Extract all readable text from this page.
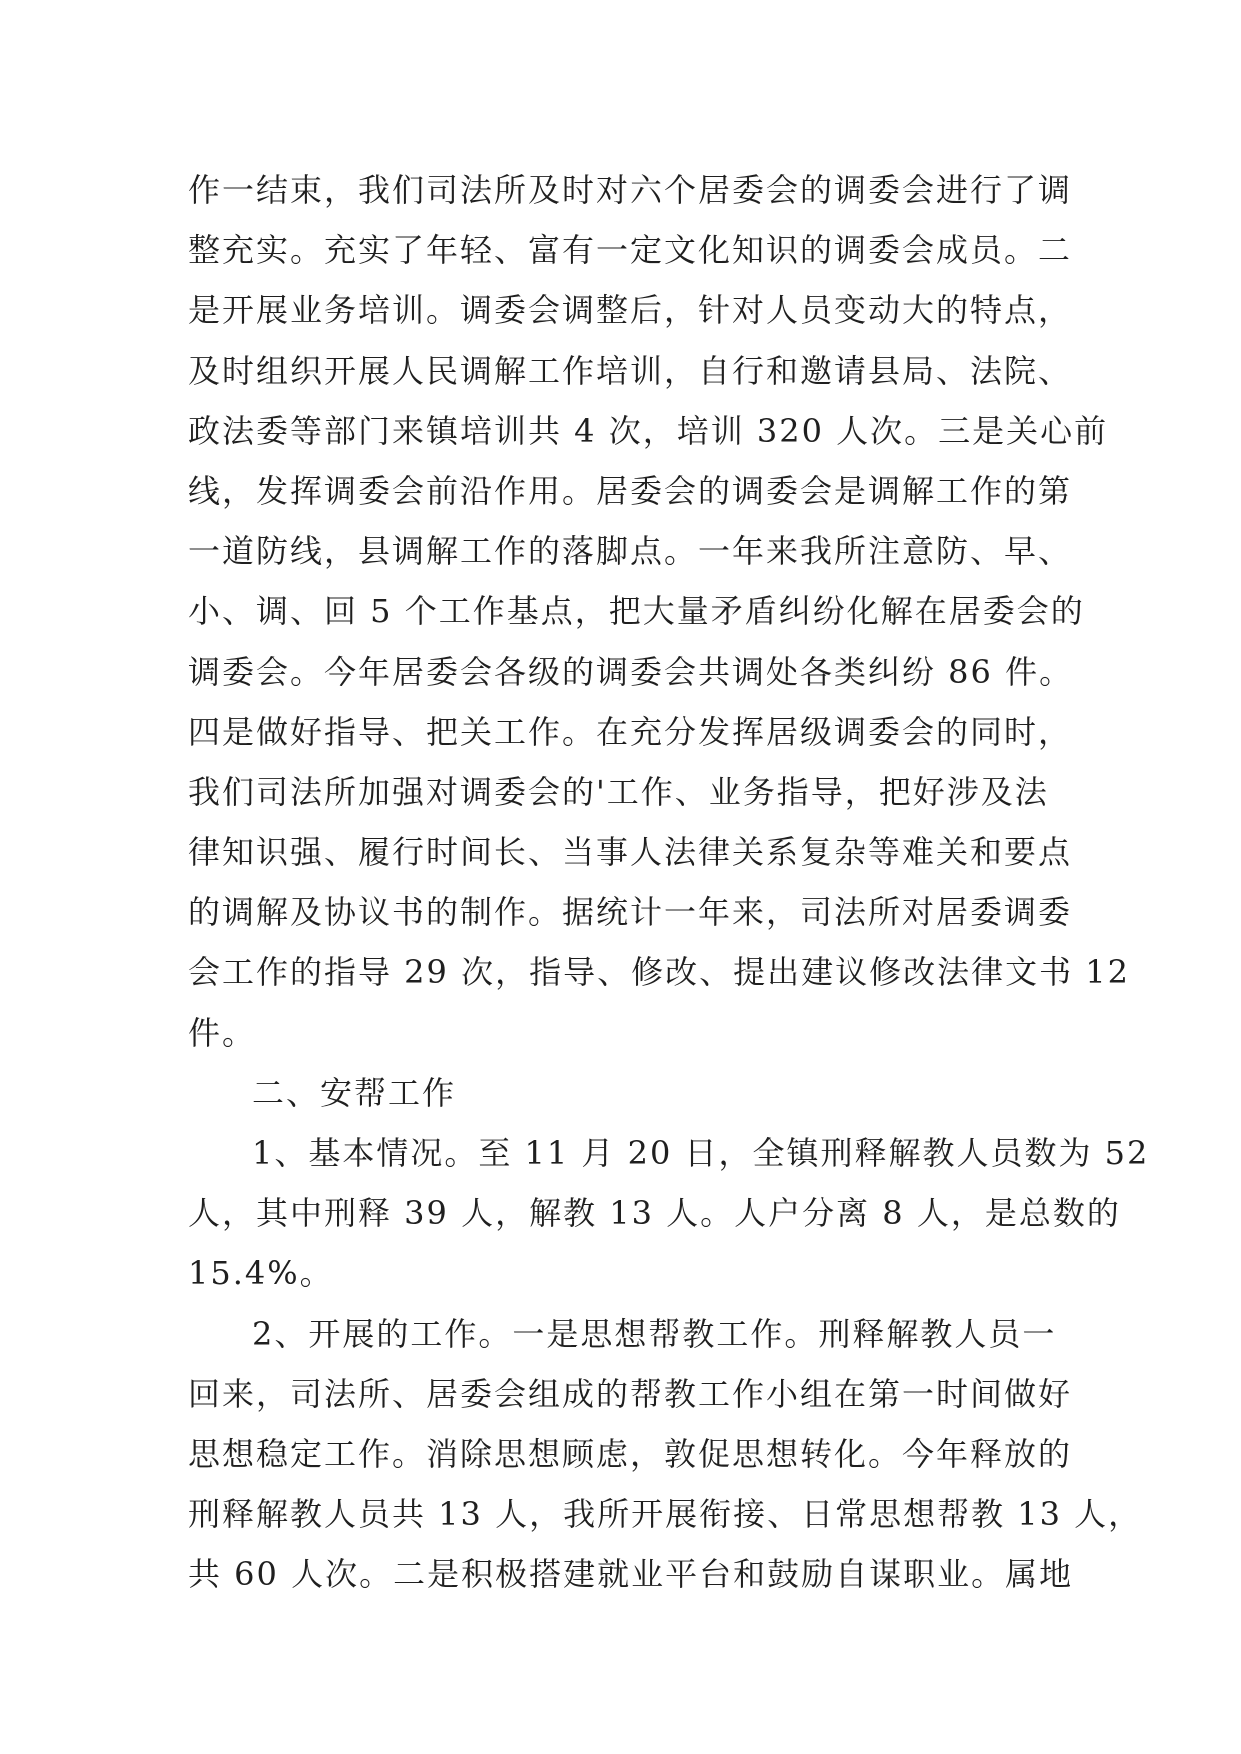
作一结束，我们司法所及时对六个居委会的调委会进行了调
整充实。充实了年轻、富有一定文化知识的调委会成员。二
是开展业务培训。调委会调整后，针对人员变动大的特点，
及时组织开展人民调解工作培训，自行和邀请县局、法院、
政法委等部门来镇培训共 4 次，培训 320 人次。三是关心前
线，发挥调委会前沿作用。居委会的调委会是调解工作的第
一道防线，县调解工作的落脚点。一年来我所注意防、早、
小、调、回 5 个工作基点，把大量矛盾纠纷化解在居委会的
调委会。今年居委会各级的调委会共调处各类纠纷 86 件。
四是做好指导、把关工作。在充分发挥居级调委会的同时，
我们司法所加强对调委会的'工作、业务指导，把好涉及法
律知识强、履行时间长、当事人法律关系复杂等难关和要点
的调解及协议书的制作。据统计一年来，司法所对居委调委
会工作的指导 29 次，指导、修改、提出建议修改法律文书 12
件。
二、安帮工作
1、基本情况。至 11 月 20 日，全镇刑释解教人员数为 52
人，其中刑释 39 人，解教 13 人。人户分离 8 人，是总数的
15.4%。
2、开展的工作。一是思想帮教工作。刑释解教人员一
回来，司法所、居委会组成的帮教工作小组在第一时间做好
思想稳定工作。消除思想顾虑，敦促思想转化。今年释放的
刑释解教人员共 13 人，我所开展衔接、日常思想帮教 13 人，
共 60 人次。二是积极搭建就业平台和鼓励自谋职业。属地
